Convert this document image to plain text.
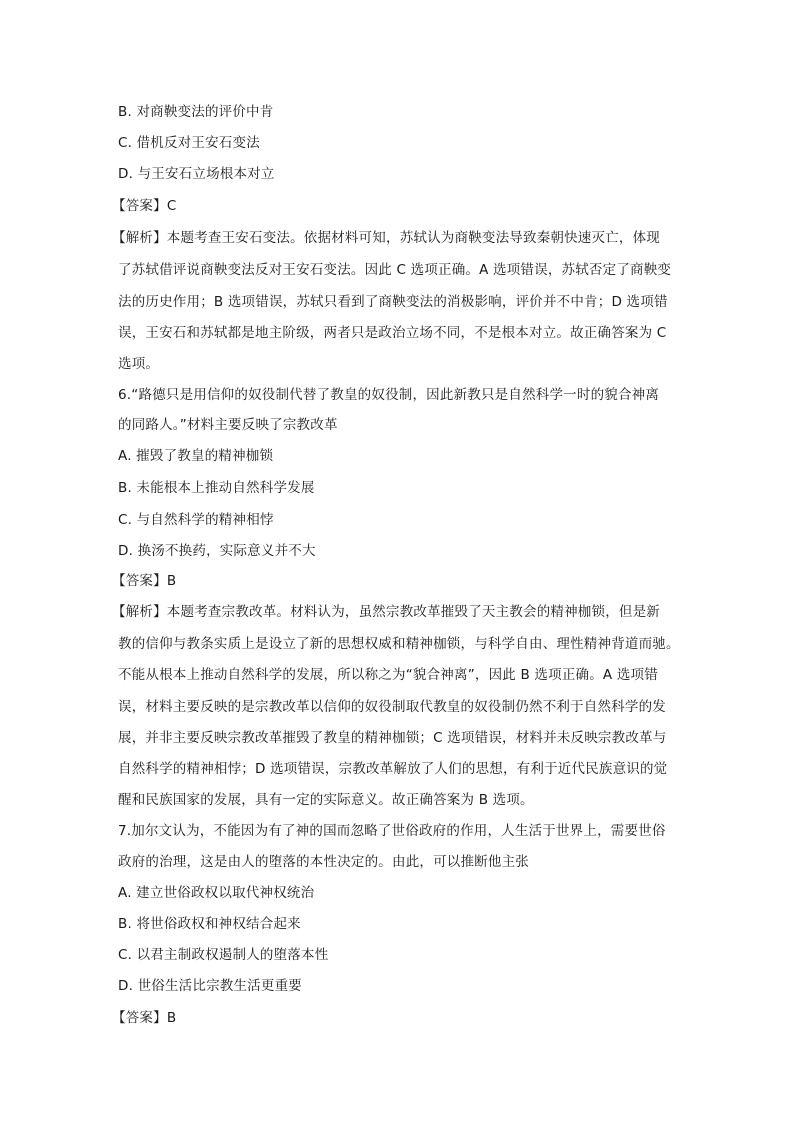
B. 对商鞅变法的评价中肯
C. 借机反对王安石变法
D. 与王安石立场根本对立
【答案】C
【解析】本题考查王安石变法。依据材料可知，苏轼认为商鞅变法导致秦朝快速灭亡，体现
了苏轼借评说商鞅变法反对王安石变法。因此 C 选项正确。A 选项错误，苏轼否定了商鞅变
法的历史作用；B 选项错误，苏轼只看到了商鞅变法的消极影响，评价并不中肯；D 选项错
误，王安石和苏轼都是地主阶级，两者只是政治立场不同，不是根本对立。故正确答案为 C
选项。
6.“路德只是用信仰的奴役制代替了教皇的奴役制，因此新教只是自然科学一时的貌合神离
的同路人。”材料主要反映了宗教改革
A. 摧毁了教皇的精神枷锁
B. 未能根本上推动自然科学发展
C. 与自然科学的精神相悖
D. 换汤不换药，实际意义并不大
【答案】B
【解析】本题考查宗教改革。材料认为，虽然宗教改革摧毁了天主教会的精神枷锁，但是新
教的信仰与教条实质上是设立了新的思想权威和精神枷锁，与科学自由、理性精神背道而驰。
不能从根本上推动自然科学的发展，所以称之为“貌合神离”，因此 B 选项正确。A 选项错
误，材料主要反映的是宗教改革以信仰的奴役制取代教皇的奴役制仍然不利于自然科学的发
展，并非主要反映宗教改革摧毁了教皇的精神枷锁；C 选项错误，材料并未反映宗教改革与
自然科学的精神相悖；D 选项错误，宗教改革解放了人们的思想，有利于近代民族意识的觉
醒和民族国家的发展，具有一定的实际意义。故正确答案为 B 选项。
7.加尔文认为，不能因为有了神的国而忽略了世俗政府的作用，人生活于世界上，需要世俗
政府的治理，这是由人的堕落的本性决定的。由此，可以推断他主张
A. 建立世俗政权以取代神权统治
B. 将世俗政权和神权结合起来
C. 以君主制政权遏制人的堕落本性
D. 世俗生活比宗教生活更重要
【答案】B
